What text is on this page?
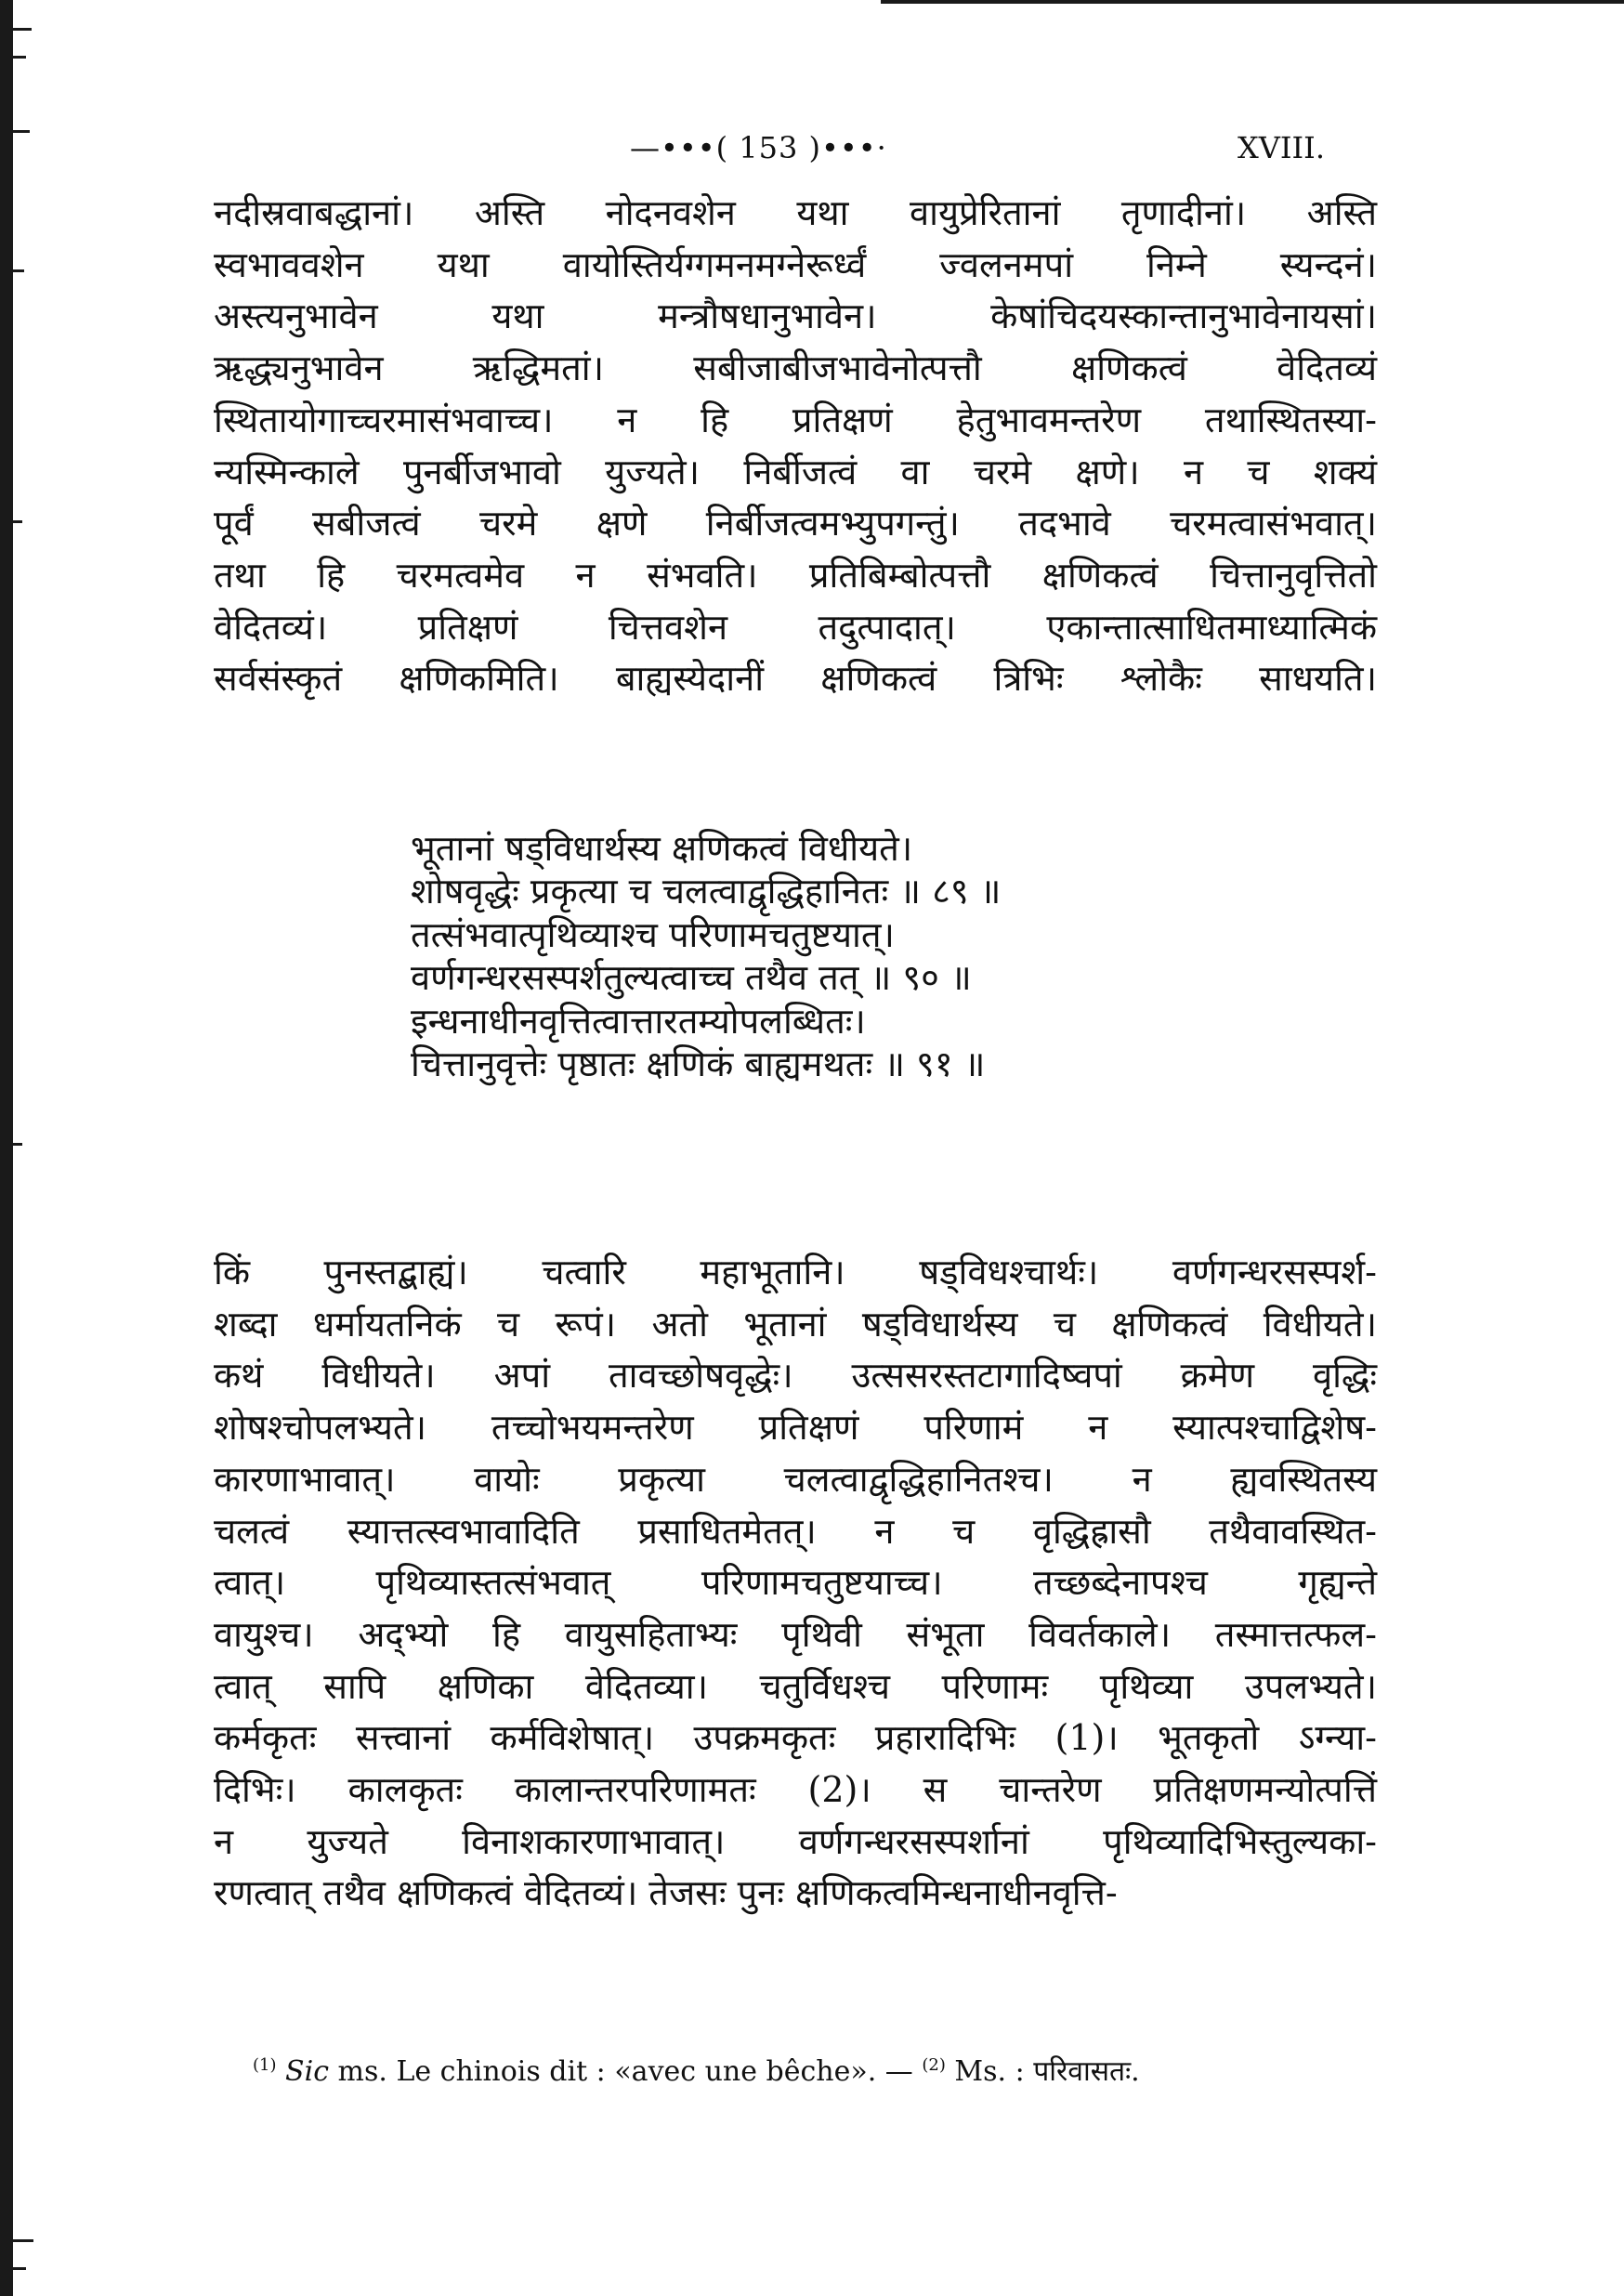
—•••( 153 )•••·	XVIII.

नदीस्रवाबद्धानां। अस्ति नोदनवशेन यथा वायुप्रेरितानां तृणादीनां। अस्ति

स्वभाववशेन यथा वायोस्तिर्यग्गमनमग्नेरूर्ध्वं ज्वलनमपां निम्ने स्यन्दनं।

अस्त्यनुभावेन यथा मन्त्रौषधानुभावेन। केषांचिदयस्कान्तानुभावेनायसां।

ऋद्ध्यनुभावेन ऋद्धिमतां। सबीजाबीजभावेनोत्पत्तौ क्षणिकत्वं वेदितव्यं

स्थितायोगाच्चरमासंभवाच्च। न हि प्रतिक्षणं हेतुभावमन्तरेण तथास्थितस्या-

न्यस्मिन्काले पुनर्बीजभावो युज्यते। निर्बीजत्वं वा चरमे क्षणे। न च शक्यं

पूर्वं सबीजत्वं चरमे क्षणे निर्बीजत्वमभ्युपगन्तुं। तदभावे चरमत्वासंभवात्।

तथा हि चरमत्वमेव न संभवति। प्रतिबिम्बोत्पत्तौ क्षणिकत्वं चित्तानुवृत्तितो

वेदितव्यं। प्रतिक्षणं चित्तवशेन तदुत्पादात्। एकान्तात्साधितमाध्यात्मिकं

सर्वसंस्कृतं क्षणिकमिति। बाह्यस्येदानीं क्षणिकत्वं त्रिभिः श्लोकैः साधयति।

भूतानां षड्विधार्थस्य क्षणिकत्वं विधीयते।

शोषवृद्धेः प्रकृत्या च चलत्वाद्वृद्धिहानितः ॥ ८९ ॥

तत्संभवात्पृथिव्याश्च परिणामचतुष्टयात्।

वर्णगन्धरसस्पर्शतुल्यत्वाच्च तथैव तत् ॥ ९० ॥

इन्धनाधीनवृत्तित्वात्तारतम्योपलब्धितः।

चित्तानुवृत्तेः पृष्ठातः क्षणिकं बाह्यमथतः ॥ ९१ ॥

किं पुनस्तद्बाह्यं। चत्वारि महाभूतानि। षड्विधश्चार्थः। वर्णगन्धरसस्पर्श-

शब्दा धर्मायतनिकं च रूपं। अतो भूतानां षड्विधार्थस्य च क्षणिकत्वं विधीयते।

कथं विधीयते। अपां तावच्छोषवृद्धेः। उत्ससरस्तटागादिष्वपां क्रमेण वृद्धिः

शोषश्चोपलभ्यते। तच्चोभयमन्तरेण प्रतिक्षणं परिणामं न स्यात्पश्चाद्विशेष-

कारणाभावात्। वायोः प्रकृत्या चलत्वाद्वृद्धिहानितश्च। न ह्यवस्थितस्य

चलत्वं स्यात्तत्स्वभावादिति प्रसाधितमेतत्। न च वृद्धिह्रासौ तथैवावस्थित-

त्वात्। पृथिव्यास्तत्संभवात् परिणामचतुष्टयाच्च। तच्छब्देनापश्च गृह्यन्ते

वायुश्च। अद्भ्यो हि वायुसहिताभ्यः पृथिवी संभूता विवर्तकाले। तस्मात्तत्फल-

त्वात् सापि क्षणिका वेदितव्या। चतुर्विधश्च परिणामः पृथिव्या उपलभ्यते।

कर्मकृतः सत्त्वानां कर्मविशेषात्। उपक्रमकृतः प्रहारादिभिः (1)। भूतकृतो ऽग्न्या-

दिभिः। कालकृतः कालान्तरपरिणामतः (2)। स चान्तरेण प्रतिक्षणमन्योत्पत्तिं

न युज्यते विनाशकारणाभावात्। वर्णगन्धरसस्पर्शानां पृथिव्यादिभिस्तुल्यका-

रणत्वात् तथैव क्षणिकत्वं वेदितव्यं। तेजसः पुनः क्षणिकत्वमिन्धनाधीनवृत्ति-

$^{(1)}$ Sic ms. Le chinois dit : «avec une bêche». — $^{(2)}$ Ms. : परिवासतः.
